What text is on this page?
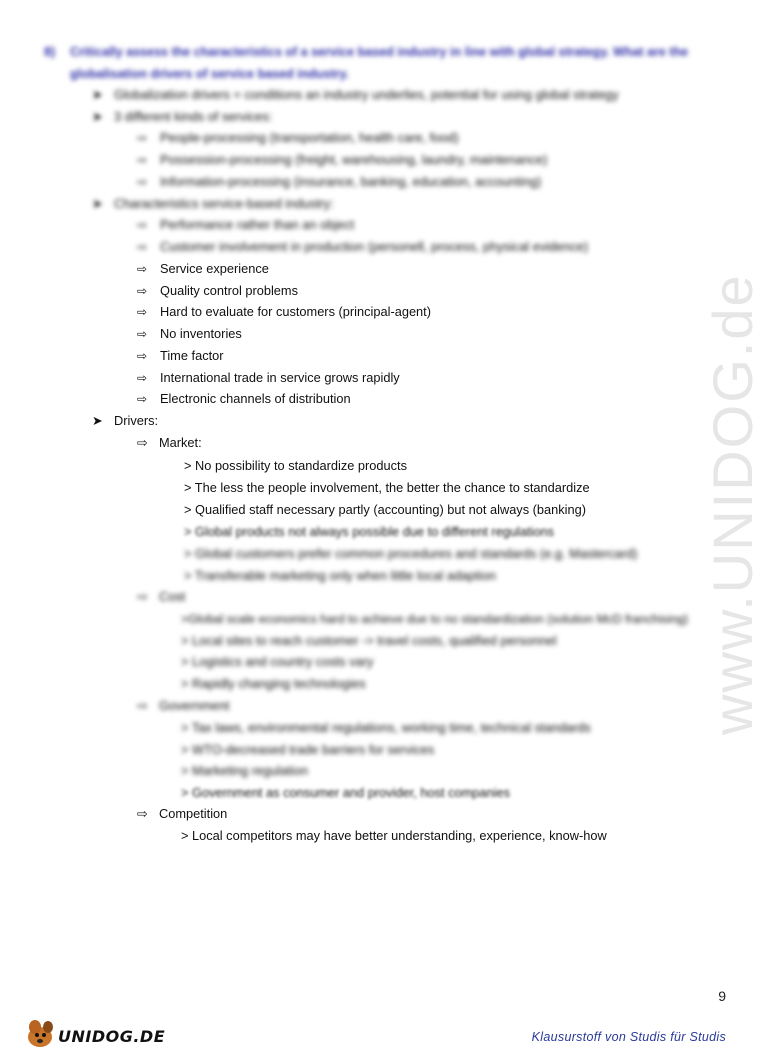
8) Critically assess the characteristics of a service based industry in line with global strategy. What are the globalisation drivers of service based industry.
➤ Globalization drivers = conditions an industry underlies, potential for using global strategy
➤ 3 different kinds of services:
⇨ People-processing (transportation, health care, food)
⇨ Possession-processing (freight, warehousing, laundry, maintenance)
⇨ Information-processing (insurance, banking, education, accounting)
➤ Characteristics service-based industry:
⇨ Performance rather than an object
⇨ Customer involvement in production (personell, process, physical evidence)
⇨ Service experience
⇨ Quality control problems
⇨ Hard to evaluate for customers (principal-agent)
⇨ No inventories
⇨ Time factor
⇨ International trade in service grows rapidly
⇨ Electronic channels of distribution
➤ Drivers:
⇨ Market:
> No possibility to standardize products
> The less the people involvement, the better the chance to standardize
> Qualified staff necessary partly (accounting) but not always (banking)
> Global products not always possible due to different regulations
> Global customers prefer common procedures and standards (e.g. Mastercard)
> Transferable marketing only when little local adaption
⇨ Cost
>Global scale economics hard to achieve due to no standardization (solution McD franchising)
> Local sites to reach customer -> travel costs, qualified personnel
> Logistics and country costs vary
> Rapidly changing technologies
⇨ Government
> Tax laws, environmental regulations, working time, technical standards
> WTO-decreased trade barriers for services
> Marketing regulation
> Government as consumer and provider, host companies
⇨ Competition
> Local competitors may have better understanding, experience, know-how
www.UNIDOG.de
9
UNIDOG.DE	Klausurstoff von Studis für Studis
